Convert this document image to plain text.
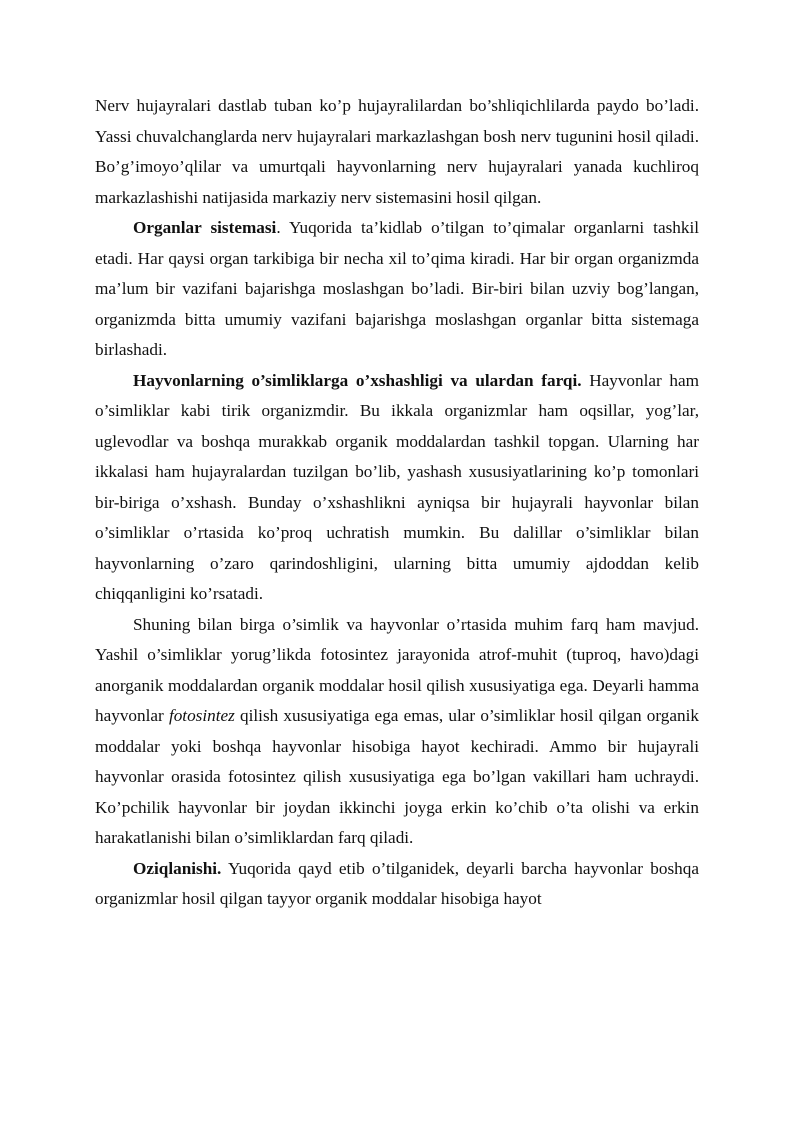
Nerv hujayralari dastlab tuban ko’p hujayralilardan bo’shliqichlilarda paydo bo’ladi. Yassi chuvalchanglarda nerv hujayralari markazlashgan bosh nerv tugunini hosil qiladi. Bo’g’imoyo’qlilar va umurtqali hayvonlarning nerv hujayralari yanada kuchliroq markazlashishi natijasida markaziy nerv sistemasini hosil qilgan.

Organlar sistemasi. Yuqorida ta’kidlab o’tilgan to’qimalar organlarni tashkil etadi. Har qaysi organ tarkibiga bir necha xil to’qima kiradi. Har bir organ organizmda ma’lum bir vazifani bajarishga moslashgan bo’ladi. Bir-biri bilan uzviy bog’langan, organizmda bitta umumiy vazifani bajarishga moslashgan organlar bitta sistemaga birlashadi.

Hayvonlarning o’simliklarga o’xshashligi va ulardan farqi. Hayvonlar ham o’simliklar kabi tirik organizmdir. Bu ikkala organizmlar ham oqsillar, yog’lar, uglevodlar va boshqa murakkab organik moddalardan tashkil topgan. Ularning har ikkalasi ham hujayralardan tuzilgan bo’lib, yashash xususiyatlarining ko’p tomonlari bir-biriga o’xshash. Bunday o’xshashlikni ayniqsa bir hujayrali hayvonlar bilan o’simliklar o’rtasida ko’proq uchratish mumkin. Bu dalillar o’simliklar bilan hayvonlarning o’zaro qarindoshligini, ularning bitta umumiy ajdoddan kelib chiqqanligini ko’rsatadi.

Shuning bilan birga o’simlik va hayvonlar o’rtasida muhim farq ham mavjud. Yashil o’simliklar yorug’likda fotosintez jarayonida atrof-muhit (tuproq, havo)dagi anorganik moddalardan organik moddalar hosil qilish xususiyatiga ega. Deyarli hamma hayvonlar fotosintez qilish xususiyatiga ega emas, ular o’simliklar hosil qilgan organik moddalar yoki boshqa hayvonlar hisobiga hayot kechiradi. Ammo bir hujayrali hayvonlar orasida fotosintez qilish xususiyatiga ega bo’lgan vakillari ham uchraydi. Ko’pchilik hayvonlar bir joydan ikkinchi joyga erkin ko’chib o’ta olishi va erkin harakatlanishi bilan o’simliklardan farq qiladi.

Oziqlanishi. Yuqorida qayd etib o’tilganidek, deyarli barcha hayvonlar boshqa organizmlar hosil qilgan tayyor organik moddalar hisobiga hayot
